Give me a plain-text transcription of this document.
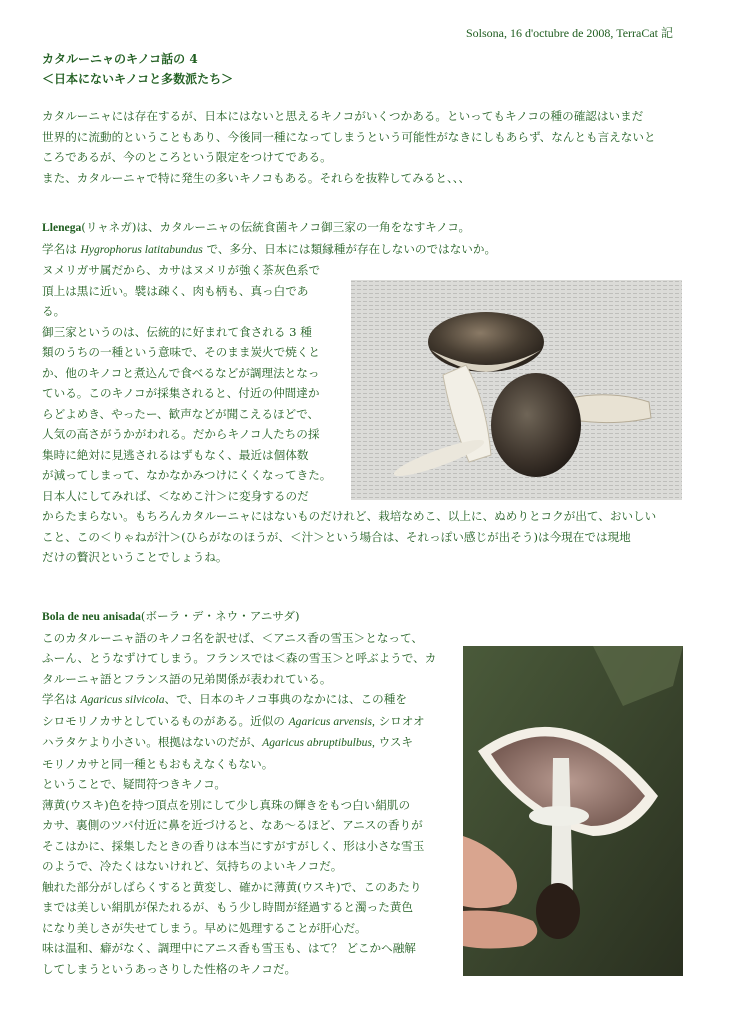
Solsona, 16 d'octubre de 2008, TerraCat 記
カタルーニャのキノコ話の 4
＜日本にないキノコと多数派たち＞

カタルーニャには存在するが、日本にはないと思えるキノコがいくつかある。といってもキノコの種の確認はいまだ

世界的に流動的ということもあり、今後同一種になってしまうという可能性がなきにしもあらず、なんとも言えないと

ころであるが、今のところという限定をつけてである。

また、カタルーニャで特に発生の多いキノコもある。それらを抜粋してみると、、、

Llenega(リャネガ)は、カタルーニャの伝統食菌キノコ御三家の一角をなすキノコ。

学名は Hygrophorus latitabundus で、多分、日本には類縁種が存在しないのではないか。

ヌメリガサ属だから、カサはヌメリが強く茶灰色系で

頂上は黒に近い。襞は疎く、肉も柄も、真っ白であ

る。

御三家というのは、伝統的に好まれて食される 3 種

類のうちの一種という意味で、そのまま炭火で焼くと

か、他のキノコと煮込んで食べるなどが調理法となっ

ている。このキノコが採集されると、付近の仲間達か

らどよめき、やったー、歓声などが聞こえるほどで、

人気の高さがうかがわれる。だからキノコ人たちの採

集時に絶対に見逃されるはずもなく、最近は個体数

が減ってしまって、なかなかみつけにくくなってきた。

日本人にしてみれば、＜なめこ汁＞に変身するのだ

からたまらない。もちろんカタルーニャにはないものだけれど、栽培なめこ、以上に、ぬめりとコクが出て、おいしい

こと、この＜りゃねが汁＞(ひらがなのほうが、＜汁＞という場合は、それっぽい感じが出そう)は今現在では現地

だけの贅沢ということでしょうね。

Bola de neu anisada(ボーラ・デ・ネウ・アニサダ)

このカタルーニャ語のキノコ名を訳せば、＜アニス香の雪玉＞となって、

ふーん、とうなずけてしまう。フランスでは＜森の雪玉＞と呼ぶようで、カ

タルーニャ語とフランス語の兄弟関係が表われている。

学名は Agaricus silvicola、で、日本のキノコ事典のなかには、この種を

シロモリノカサとしているものがある。近似の Agaricus arvensis, シロオオ

ハラタケより小さい。根拠はないのだが、Agaricus abruptibulbus, ウスキ

モリノカサと同一種ともおもえなくもない。

ということで、疑問符つきキノコ。

薄黄(ウスキ)色を持つ頂点を別にして少し真珠の輝きをもつ白い絹肌の

カサ、裏側のツバ付近に鼻を近づけると、なあ〜るほど、アニスの香りが

そこはかに、採集したときの香りは本当にすがすがしく、形は小さな雪玉

のようで、冷たくはないけれど、気持ちのよいキノコだ。

触れた部分がしばらくすると黄変し、確かに薄黄(ウスキ)で、このあたり

までは美しい絹肌が保たれるが、もう少し時間が経過すると濁った黄色

になり美しさが失せてしまう。早めに処理することが肝心だ。

味は温和、癖がなく、調理中にアニス香も雪玉も、はて？ どこかへ融解

してしまうというあっさりした性格のキノコだ。
